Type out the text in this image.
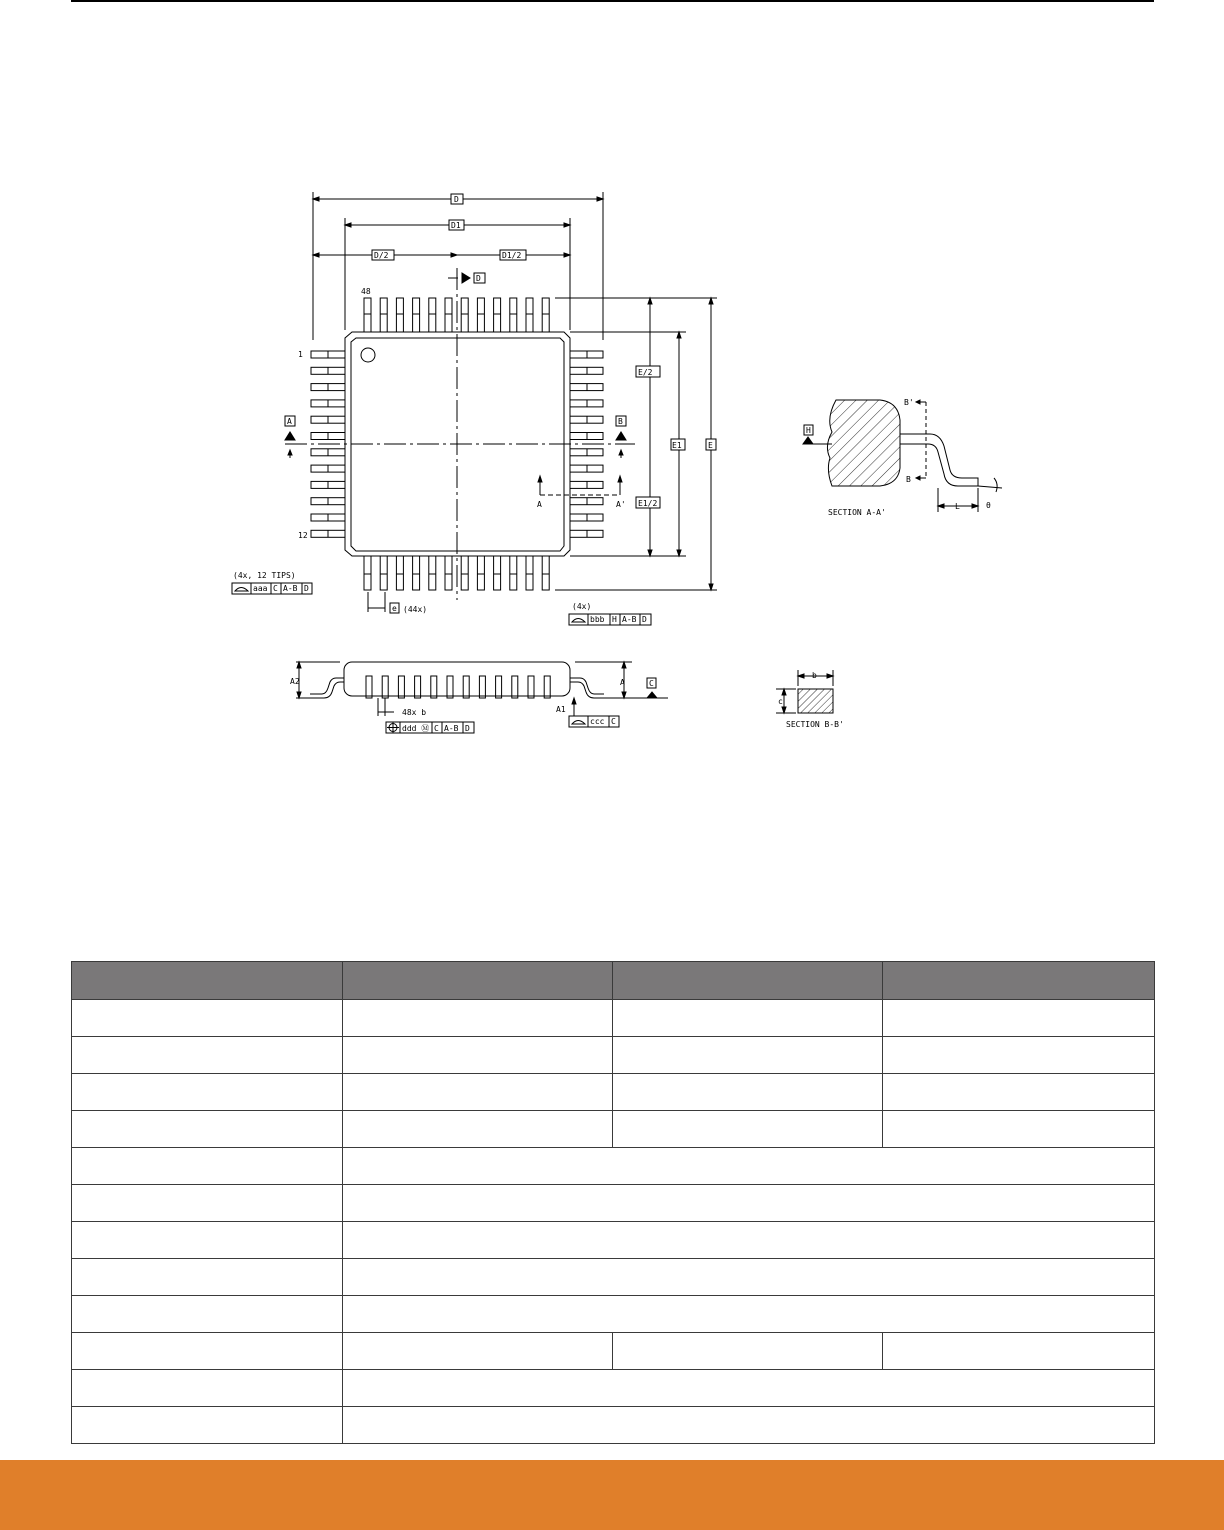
D
D1
D/2	D1/2
D
E
E1
E/2
E1/2
A	B
e
C
H
48
1
12
A	A'
(44x)
(4x, 12 TIPS)
aaa C A-B D
(4x)
bbb H A-B D
A2	A
A1
48x b
ddd Ⓜ C A-B D
ccc C
B'
B
L	θ
SECTION A-A'
b
c
SECTION B-B'
